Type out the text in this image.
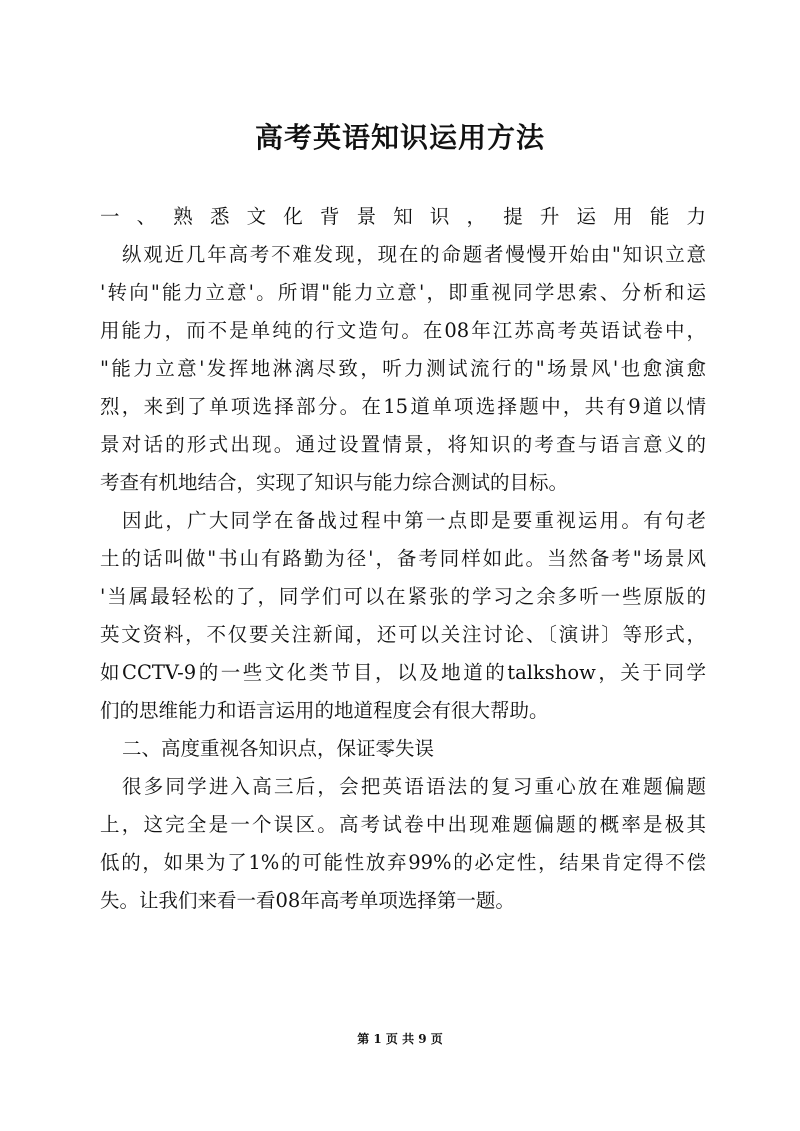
高考英语知识运用方法
一、熟悉文化背景知识，提升运用能力
纵观近几年高考不难发现，现在的命题者慢慢开始由"知识立意
'转向"能力立意'。所谓"能力立意'，即重视同学思索、分析和运
用能力，而不是单纯的行文造句。在08年江苏高考英语试卷中，
"能力立意'发挥地淋漓尽致，听力测试流行的"场景风'也愈演愈
烈，来到了单项选择部分。在15道单项选择题中，共有9道以情
景对话的形式出现。通过设置情景，将知识的考查与语言意义的
考查有机地结合，实现了知识与能力综合测试的目标。
因此，广大同学在备战过程中第一点即是要重视运用。有句老
土的话叫做"书山有路勤为径'，备考同样如此。当然备考"场景风
'当属最轻松的了，同学们可以在紧张的学习之余多听一些原版的
英文资料，不仅要关注新闻，还可以关注讨论、〔演讲〕等形式，
如CCTV-9的一些文化类节目，以及地道的talkshow，关于同学
们的思维能力和语言运用的地道程度会有很大帮助。
二、高度重视各知识点，保证零失误
很多同学进入高三后，会把英语语法的复习重心放在难题偏题
上，这完全是一个误区。高考试卷中出现难题偏题的概率是极其
低的，如果为了1%的可能性放弃99%的必定性，结果肯定得不偿
失。让我们来看一看08年高考单项选择第一题。
第 1 页 共 9 页
